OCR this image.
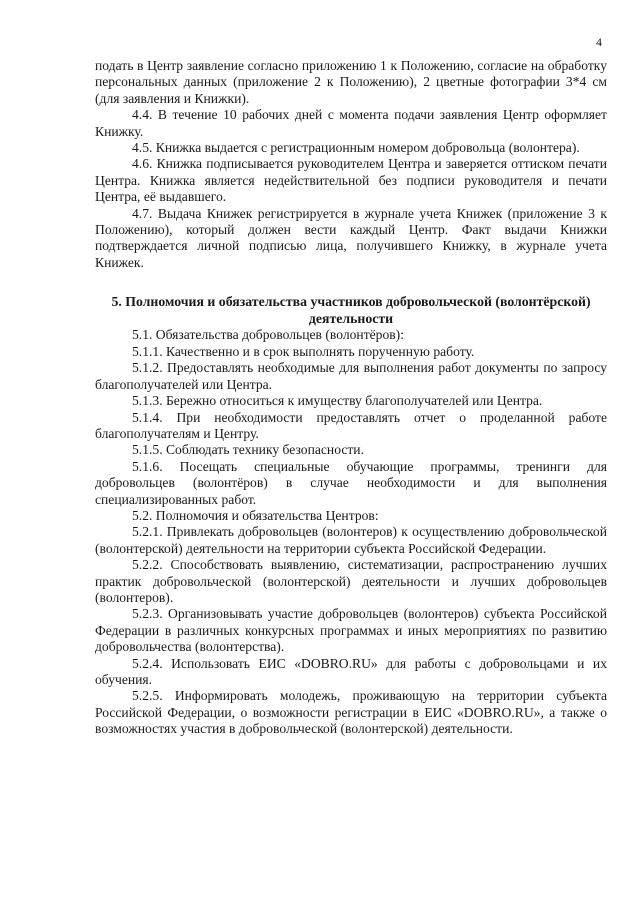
4

подать в Центр заявление согласно приложению 1 к Положению, согласие на обработку персональных данных (приложение 2 к Положению), 2 цветные фотографии 3*4 см (для заявления и Книжки).

4.4. В течение 10 рабочих дней с момента подачи заявления Центр оформляет Книжку.

4.5. Книжка выдается с регистрационным номером добровольца (волонтера).

4.6. Книжка подписывается руководителем Центра и заверяется оттиском печати Центра. Книжка является недействительной без подписи руководителя и печати Центра, её выдавшего.

4.7. Выдача Книжек регистрируется в журнале учета Книжек (приложение 3 к Положению), который должен вести каждый Центр. Факт выдачи Книжки подтверждается личной подписью лица, получившего Книжку, в журнале учета Книжек.

5. Полномочия и обязательства участников добровольческой (волонтёрской) деятельности

5.1. Обязательства добровольцев (волонтёров):

5.1.1. Качественно и в срок выполнять порученную работу.

5.1.2. Предоставлять необходимые для выполнения работ документы по запросу благополучателей или Центра.

5.1.3. Бережно относиться к имуществу благополучателей или Центра.

5.1.4. При необходимости предоставлять отчет о проделанной работе благополучателям и Центру.

5.1.5. Соблюдать технику безопасности.

5.1.6. Посещать специальные обучающие программы, тренинги для добровольцев (волонтёров) в случае необходимости и для выполнения специализированных работ.

5.2. Полномочия и обязательства Центров:

5.2.1. Привлекать добровольцев (волонтеров) к осуществлению добровольческой (волонтерской) деятельности на территории субъекта Российской Федерации.

5.2.2. Способствовать выявлению, систематизации, распространению лучших практик добровольческой (волонтерской) деятельности и лучших добровольцев (волонтеров).

5.2.3. Организовывать участие добровольцев (волонтеров) субъекта Российской Федерации в различных конкурсных программах и иных мероприятиях по развитию добровольчества (волонтерства).

5.2.4. Использовать ЕИС «DOBRO.RU» для работы с добровольцами и их обучения.

5.2.5. Информировать молодежь, проживающую на территории субъекта Российской Федерации, о возможности регистрации в ЕИС «DOBRO.RU», а также о возможностях участия в добровольческой (волонтерской) деятельности.
